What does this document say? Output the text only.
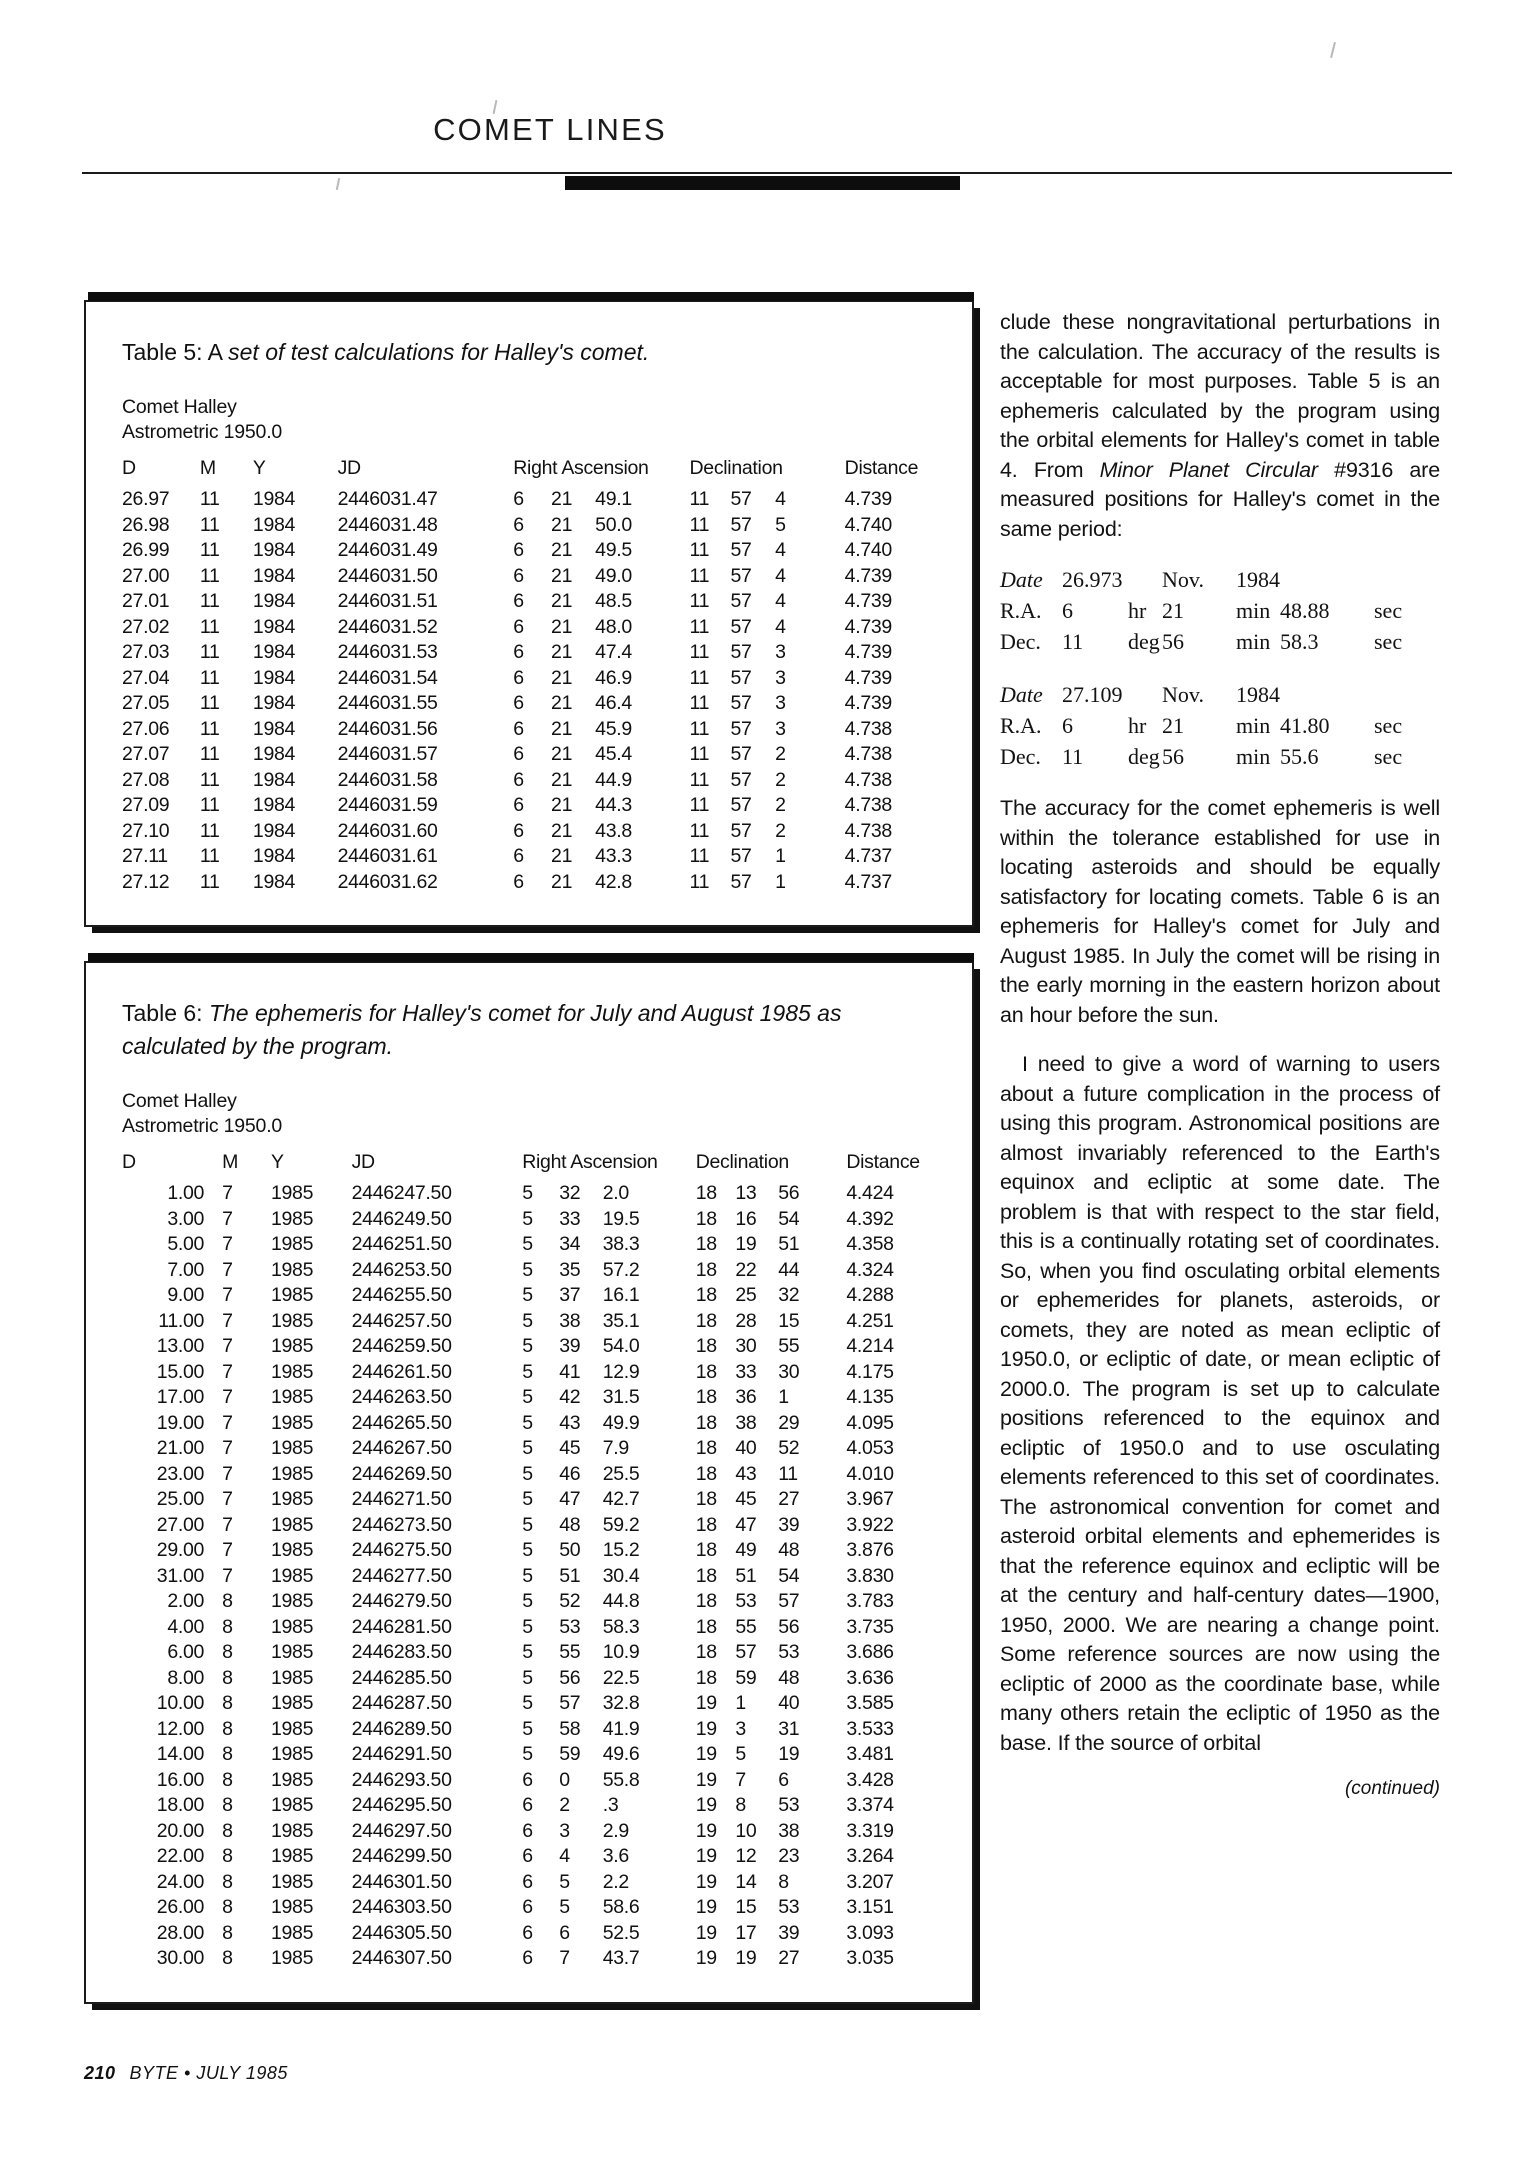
COMET LINES
Table 5: A set of test calculations for Halley's comet.
Comet Halley
Astrometric 1950.0
D	M	Y	JD	Right Ascension			Declination			Distance
26.97	11	1984	2446031.47	6	21	49.1	11	57	4	4.739
26.98	11	1984	2446031.48	6	21	50.0	11	57	5	4.740
26.99	11	1984	2446031.49	6	21	49.5	11	57	4	4.740
27.00	11	1984	2446031.50	6	21	49.0	11	57	4	4.739
27.01	11	1984	2446031.51	6	21	48.5	11	57	4	4.739
27.02	11	1984	2446031.52	6	21	48.0	11	57	4	4.739
27.03	11	1984	2446031.53	6	21	47.4	11	57	3	4.739
27.04	11	1984	2446031.54	6	21	46.9	11	57	3	4.739
27.05	11	1984	2446031.55	6	21	46.4	11	57	3	4.739
27.06	11	1984	2446031.56	6	21	45.9	11	57	3	4.738
27.07	11	1984	2446031.57	6	21	45.4	11	57	2	4.738
27.08	11	1984	2446031.58	6	21	44.9	11	57	2	4.738
27.09	11	1984	2446031.59	6	21	44.3	11	57	2	4.738
27.10	11	1984	2446031.60	6	21	43.8	11	57	2	4.738
27.11	11	1984	2446031.61	6	21	43.3	11	57	1	4.737
27.12	11	1984	2446031.62	6	21	42.8	11	57	1	4.737
Table 6: The ephemeris for Halley's comet for July and August 1985 as calculated by the program.
Comet Halley
Astrometric 1950.0
D	M	Y	JD	Right Ascension			Declination			Distance
1.00	7	1985	2446247.50	5	32	2.0	18	13	56	4.424
3.00	7	1985	2446249.50	5	33	19.5	18	16	54	4.392
5.00	7	1985	2446251.50	5	34	38.3	18	19	51	4.358
7.00	7	1985	2446253.50	5	35	57.2	18	22	44	4.324
9.00	7	1985	2446255.50	5	37	16.1	18	25	32	4.288
11.00	7	1985	2446257.50	5	38	35.1	18	28	15	4.251
13.00	7	1985	2446259.50	5	39	54.0	18	30	55	4.214
15.00	7	1985	2446261.50	5	41	12.9	18	33	30	4.175
17.00	7	1985	2446263.50	5	42	31.5	18	36	1	4.135
19.00	7	1985	2446265.50	5	43	49.9	18	38	29	4.095
21.00	7	1985	2446267.50	5	45	7.9	18	40	52	4.053
23.00	7	1985	2446269.50	5	46	25.5	18	43	11	4.010
25.00	7	1985	2446271.50	5	47	42.7	18	45	27	3.967
27.00	7	1985	2446273.50	5	48	59.2	18	47	39	3.922
29.00	7	1985	2446275.50	5	50	15.2	18	49	48	3.876
31.00	7	1985	2446277.50	5	51	30.4	18	51	54	3.830
2.00	8	1985	2446279.50	5	52	44.8	18	53	57	3.783
4.00	8	1985	2446281.50	5	53	58.3	18	55	56	3.735
6.00	8	1985	2446283.50	5	55	10.9	18	57	53	3.686
8.00	8	1985	2446285.50	5	56	22.5	18	59	48	3.636
10.00	8	1985	2446287.50	5	57	32.8	19	1	40	3.585
12.00	8	1985	2446289.50	5	58	41.9	19	3	31	3.533
14.00	8	1985	2446291.50	5	59	49.6	19	5	19	3.481
16.00	8	1985	2446293.50	6	0	55.8	19	7	6	3.428
18.00	8	1985	2446295.50	6	2	.3	19	8	53	3.374
20.00	8	1985	2446297.50	6	3	2.9	19	10	38	3.319
22.00	8	1985	2446299.50	6	4	3.6	19	12	23	3.264
24.00	8	1985	2446301.50	6	5	2.2	19	14	8	3.207
26.00	8	1985	2446303.50	6	5	58.6	19	15	53	3.151
28.00	8	1985	2446305.50	6	6	52.5	19	17	39	3.093
30.00	8	1985	2446307.50	6	7	43.7	19	19	27	3.035

clude these nongravitational perturbations in the calculation. The accuracy of the results is acceptable for most purposes. Table 5 is an ephemeris calculated by the program using the orbital elements for Halley's comet in table 4. From Minor Planet Circular #9316 are measured positions for Halley's comet in the same period:

Date 26.973 Nov.	1984
R.A. 6	hr 21	min 48.88	sec
Dec. 11	deg 56	min 58.3	sec
Date 27.109 Nov.	1984
R.A. 6	hr 21	min 41.80	sec
Dec. 11	deg 56	min 55.6	sec

The accuracy for the comet ephemeris is well within the tolerance established for use in locating asteroids and should be equally satisfactory for locating comets. Table 6 is an ephemeris for Halley's comet for July and August 1985. In July the comet will be rising in the early morning in the eastern horizon about an hour before the sun.

I need to give a word of warning to users about a future complication in the process of using this program. Astronomical positions are almost invariably referenced to the Earth's equinox and ecliptic at some date. The problem is that with respect to the star field, this is a continually rotating set of coordinates. So, when you find osculating orbital elements or ephemerides for planets, asteroids, or comets, they are noted as mean ecliptic of 1950.0, or ecliptic of date, or mean ecliptic of 2000.0. The program is set up to calculate positions referenced to the equinox and ecliptic of 1950.0 and to use osculating elements referenced to this set of coordinates. The astronomical convention for comet and asteroid orbital elements and ephemerides is that the reference equinox and ecliptic will be at the century and half-century dates—1900, 1950, 2000. We are nearing a change point. Some reference sources are now using the ecliptic of 2000 as the coordinate base, while many others retain the ecliptic of 1950 as the base. If the source of orbital

(continued)
210 BYTE • JULY 1985
